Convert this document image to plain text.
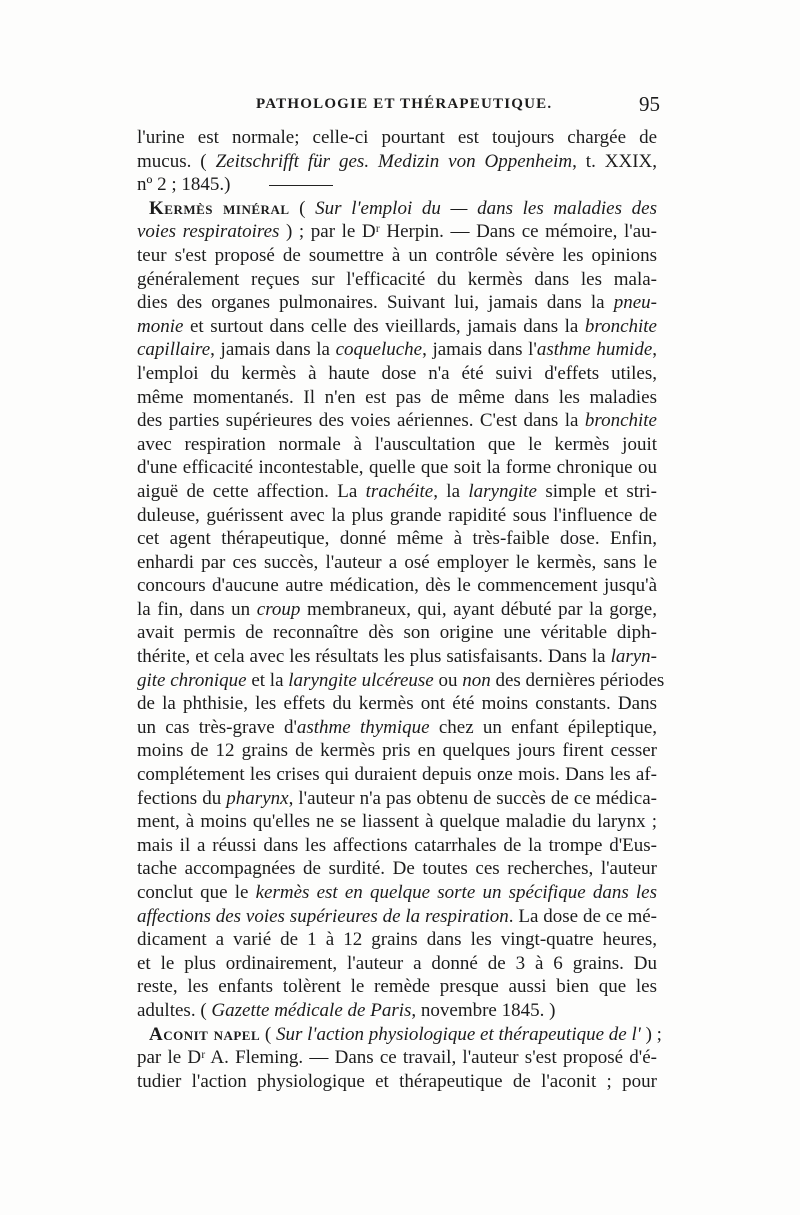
PATHOLOGIE ET THÉRAPEUTIQUE.	95
l'urine est normale; celle-ci pourtant est toujours chargée de
mucus. ( Zeitschrifft für ges. Medizin von Oppenheim, t. XXIX,
nº 2 ; 1845.)
Kermès minéral ( Sur l'emploi du — dans les maladies des
voies respiratoires ) ; par le Dʳ Herpin. — Dans ce mémoire, l'au-
teur s'est proposé de soumettre à un contrôle sévère les opinions
généralement reçues sur l'efficacité du kermès dans les mala-
dies des organes pulmonaires. Suivant lui, jamais dans la pneu-
monie et surtout dans celle des vieillards, jamais dans la bronchite
capillaire, jamais dans la coqueluche, jamais dans l'asthme humide,
l'emploi du kermès à haute dose n'a été suivi d'effets utiles,
même momentanés. Il n'en est pas de même dans les maladies
des parties supérieures des voies aériennes. C'est dans la bronchite
avec respiration normale à l'auscultation que le kermès jouit
d'une efficacité incontestable, quelle que soit la forme chronique ou
aiguë de cette affection. La trachéite, la laryngite simple et stri-
duleuse, guérissent avec la plus grande rapidité sous l'influence de
cet agent thérapeutique, donné même à très-faible dose. Enfin,
enhardi par ces succès, l'auteur a osé employer le kermès, sans le
concours d'aucune autre médication, dès le commencement jusqu'à
la fin, dans un croup membraneux, qui, ayant débuté par la gorge,
avait permis de reconnaître dès son origine une véritable diph-
thérite, et cela avec les résultats les plus satisfaisants. Dans la laryn-
gite chronique et la laryngite ulcéreuse ou non des dernières périodes
de la phthisie, les effets du kermès ont été moins constants. Dans
un cas très-grave d'asthme thymique chez un enfant épileptique,
moins de 12 grains de kermès pris en quelques jours firent cesser
complétement les crises qui duraient depuis onze mois. Dans les af-
fections du pharynx, l'auteur n'a pas obtenu de succès de ce médica-
ment, à moins qu'elles ne se liassent à quelque maladie du larynx ;
mais il a réussi dans les affections catarrhales de la trompe d'Eus-
tache accompagnées de surdité. De toutes ces recherches, l'auteur
conclut que le kermès est en quelque sorte un spécifique dans les
affections des voies supérieures de la respiration. La dose de ce mé-
dicament a varié de 1 à 12 grains dans les vingt-quatre heures,
et le plus ordinairement, l'auteur a donné de 3 à 6 grains. Du
reste, les enfants tolèrent le remède presque aussi bien que les
adultes. ( Gazette médicale de Paris, novembre 1845. )
Aconit napel ( Sur l'action physiologique et thérapeutique de l' ) ;
par le Dʳ A. Fleming. — Dans ce travail, l'auteur s'est proposé d'é-
tudier l'action physiologique et thérapeutique de l'aconit ; pour
